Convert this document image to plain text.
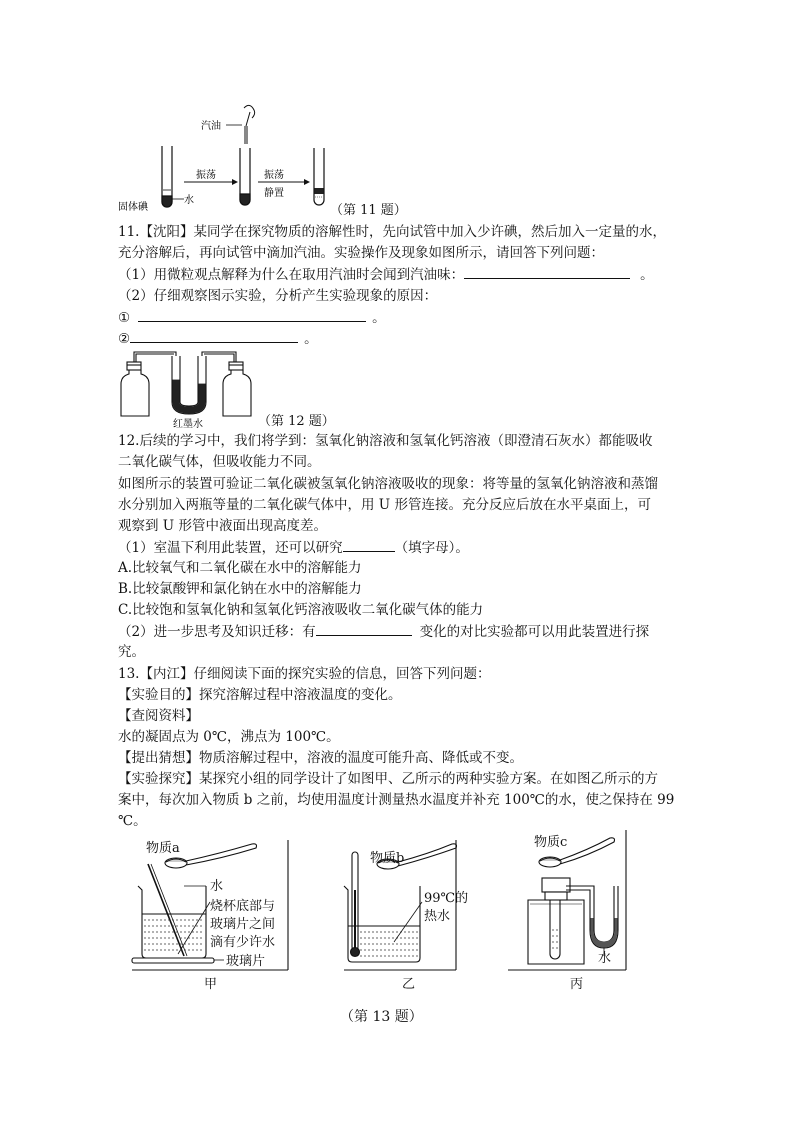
汽油
水
固体碘
振荡	振荡
静置
（第 11 题）
11.【沈阳】某同学在探究物质的溶解性时，先向试管中加入少许碘，然后加入一定量的水，
充分溶解后，再向试管中滴加汽油。实验操作及现象如图所示，请回答下列问题：
（1）用微粒观点解释为什么在取用汽油时会闻到汽油味：	。
（2）仔细观察图示实验，分析产生实验现象的原因：
①	。
②	。
红墨水	（第 12 题）
12.后续的学习中，我们将学到：氢氧化钠溶液和氢氧化钙溶液（即澄清石灰水）都能吸收
二氧化碳气体，但吸收能力不同。
如图所示的装置可验证二氧化碳被氢氧化钠溶液吸收的现象：将等量的氢氧化钠溶液和蒸馏
水分别加入两瓶等量的二氧化碳气体中，用 U 形管连接。充分反应后放在水平桌面上，可
观察到 U 形管中液面出现高度差。
（1）室温下利用此装置，还可以研究	（填字母）。
A.比较氧气和二氧化碳在水中的溶解能力
B.比较氯酸钾和氯化钠在水中的溶解能力
C.比较饱和氢氧化钠和氢氧化钙溶液吸收二氧化碳气体的能力
（2）进一步思考及知识迁移：有	变化的对比实验都可以用此装置进行探
究。
13.【内江】仔细阅读下面的探究实验的信息，回答下列问题：
【实验目的】探究溶解过程中溶液温度的变化。
【查阅资料】
水的凝固点为 0℃，沸点为 100℃。
【提出猜想】物质溶解过程中，溶液的温度可能升高、降低或不变。
【实验探究】某探究小组的同学设计了如图甲、乙所示的两种实验方案。在如图乙所示的方
案中，每次加入物质 b 之前，均使用温度计测量热水温度并补充 100℃的水，使之保持在 99
℃。
物质a
水
烧杯底部与
玻璃片之间
滴有少许水
玻璃片
甲
物质b
99℃的
热水
乙
物质c
水
丙
（第 13 题）
